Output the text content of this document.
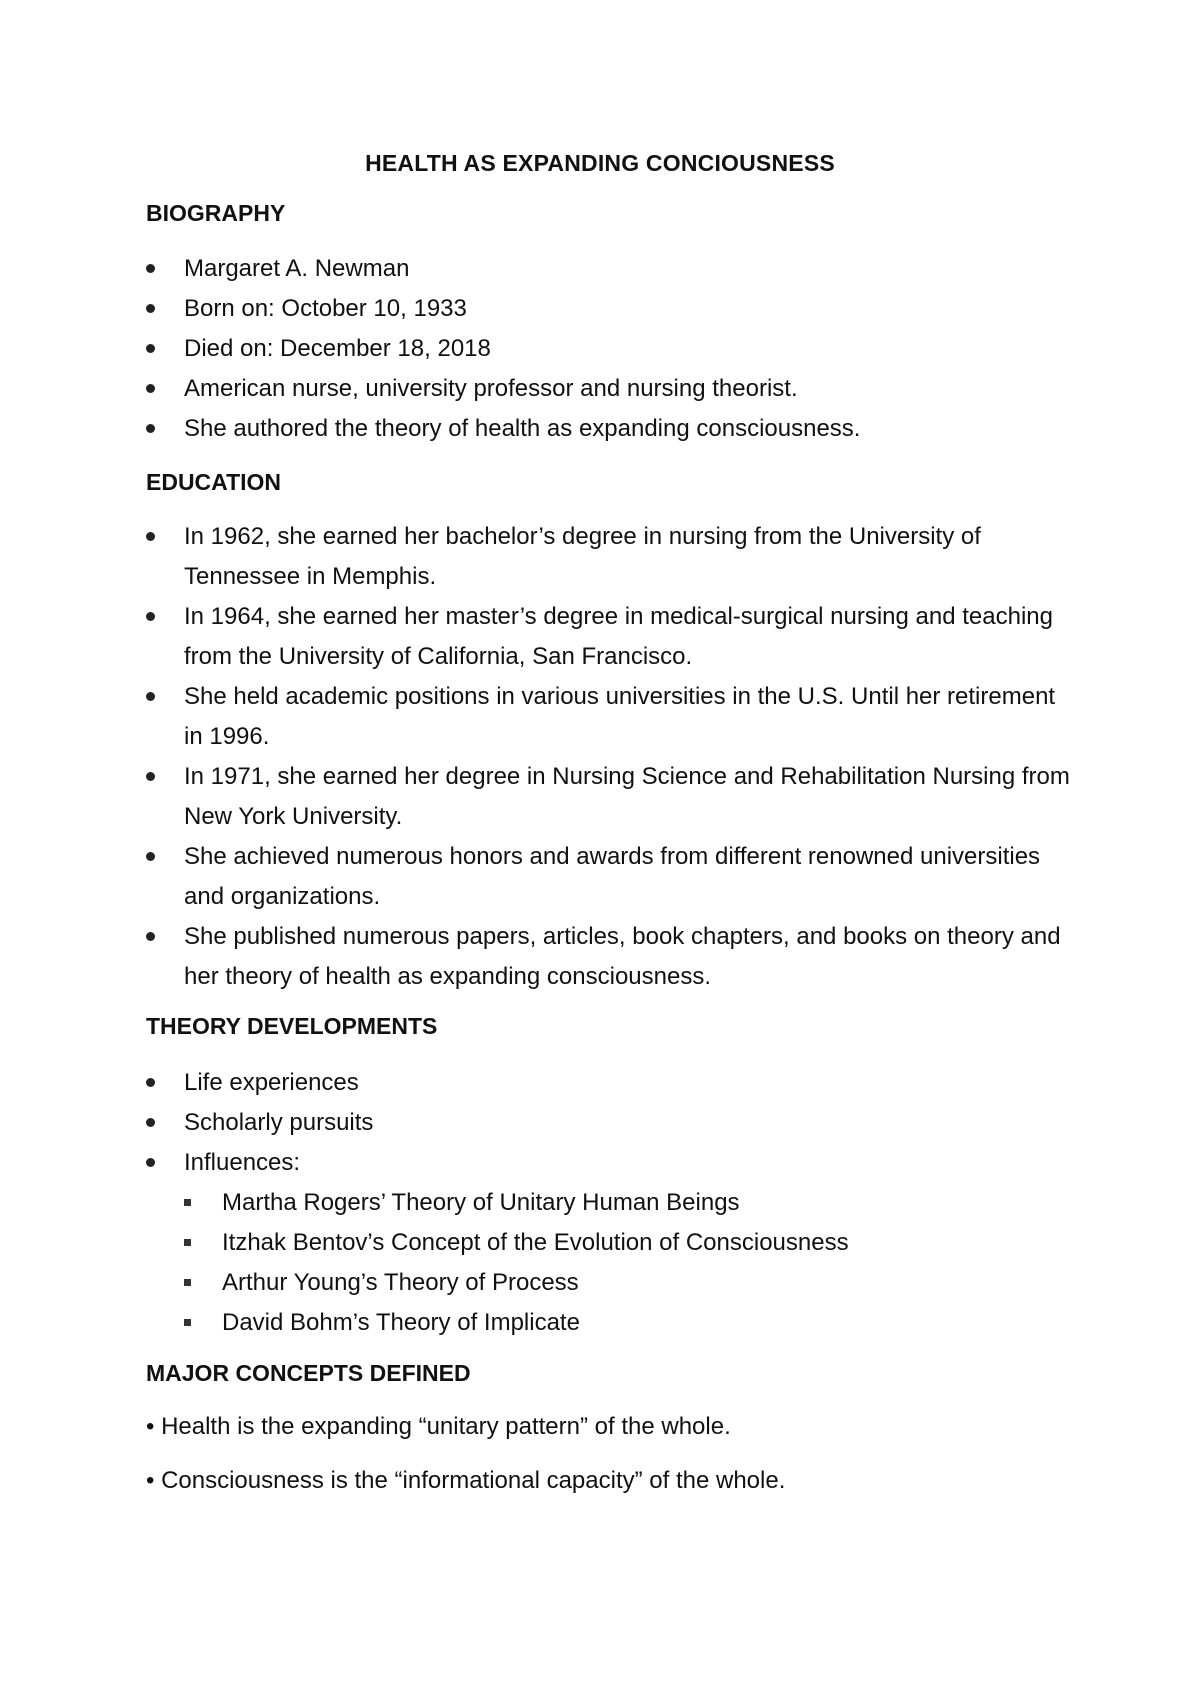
HEALTH AS EXPANDING CONCIOUSNESS
BIOGRAPHY
Margaret A. Newman
Born on: October 10, 1933
Died on: December 18, 2018
American nurse, university professor and nursing theorist.
She authored the theory of health as expanding consciousness.
EDUCATION
In 1962, she earned her bachelor’s degree in nursing from the University of Tennessee in Memphis.
In 1964, she earned her master’s degree in medical-surgical nursing and teaching from the University of California, San Francisco.
She held academic positions in various universities in the U.S. Until her retirement in 1996.
In 1971, she earned her degree in Nursing Science and Rehabilitation Nursing from New York University.
She achieved numerous honors and awards from different renowned universities and organizations.
She published numerous papers, articles, book chapters, and books on theory and her theory of health as expanding consciousness.
THEORY DEVELOPMENTS
Life experiences
Scholarly pursuits
Influences:
Martha Rogers’ Theory of Unitary Human Beings
Itzhak Bentov’s Concept of the Evolution of Consciousness
Arthur Young’s Theory of Process
David Bohm’s Theory of Implicate
MAJOR CONCEPTS DEFINED
• Health is the expanding “unitary pattern” of the whole.
• Consciousness is the “informational capacity” of the whole.
